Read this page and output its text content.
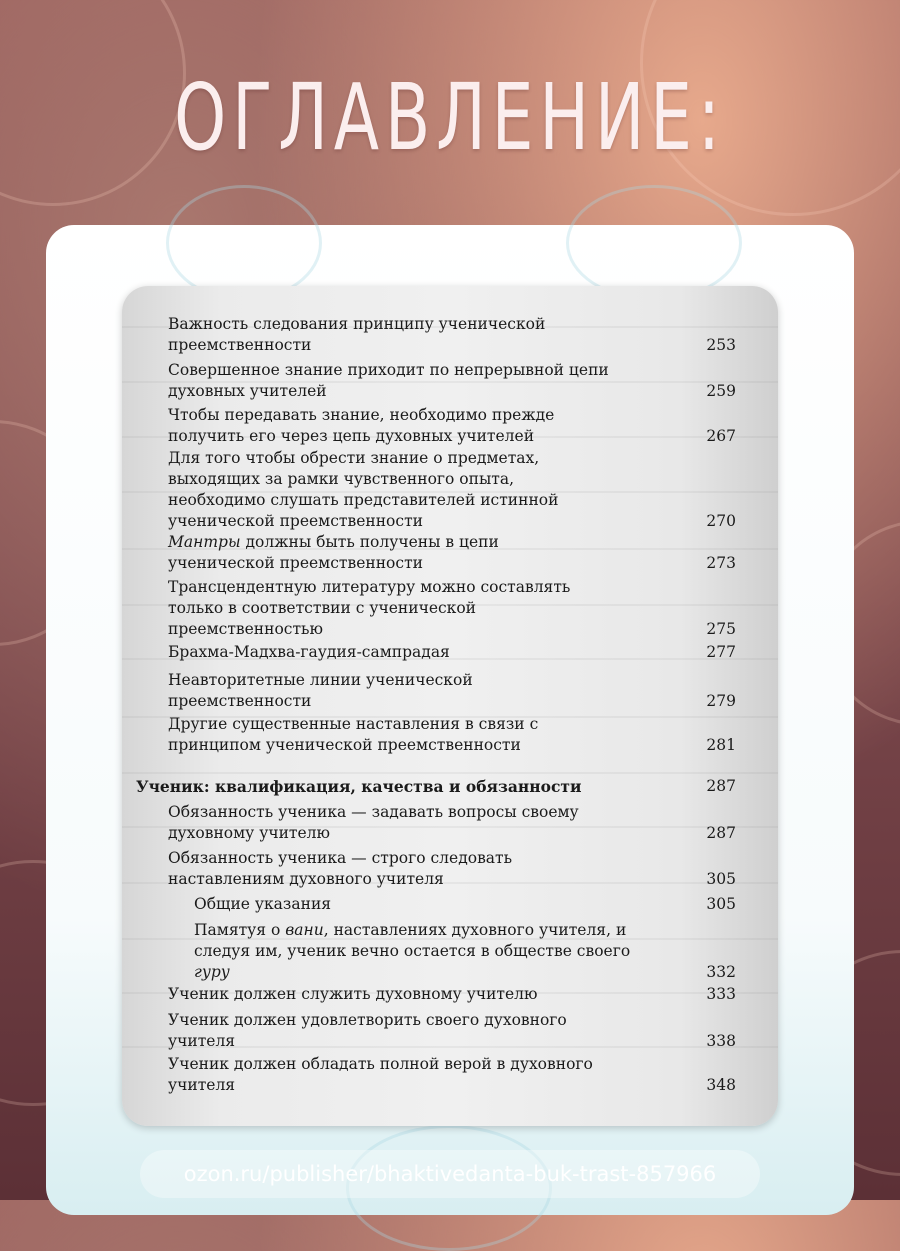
ОГЛАВЛЕНИЕ:
Важность следования принципу ученической преемственности	253
Совершенное знание приходит по непрерывной цепи духовных учителей	259
Чтобы передавать знание, необходимо прежде получить его через цепь духовных учителей	267
Для того чтобы обрести знание о предметах, выходящих за рамки чувственного опыта, необходимо слушать представителей истинной ученической преемственности	270
Мантры должны быть получены в цепи ученической преемственности	273
Трансцендентную литературу можно составлять только в соответствии с ученической преемственностью	275
Брахма-Мадхва-гаудия-сампрадая	277
Неавторитетные линии ученической преемственности	279
Другие существенные наставления в связи с принципом ученической преемственности	281
Ученик: квалификация, качества и обязанности	287
Обязанность ученика — задавать вопросы своему духовному учителю	287
Обязанность ученика — строго следовать наставлениям духовного учителя	305
Общие указания	305
Памятуя о ванu, наставлениях духовного учителя, и следуя им, ученик вечно остается в обществе своего гуру	332
Ученик должен служить духовному учителю	333
Ученик должен удовлетворить своего духовного учителя	338
Ученик должен обладать полной верой в духовного учителя	348
ozon.ru/publisher/bhaktivedanta-buk-trast-857966
